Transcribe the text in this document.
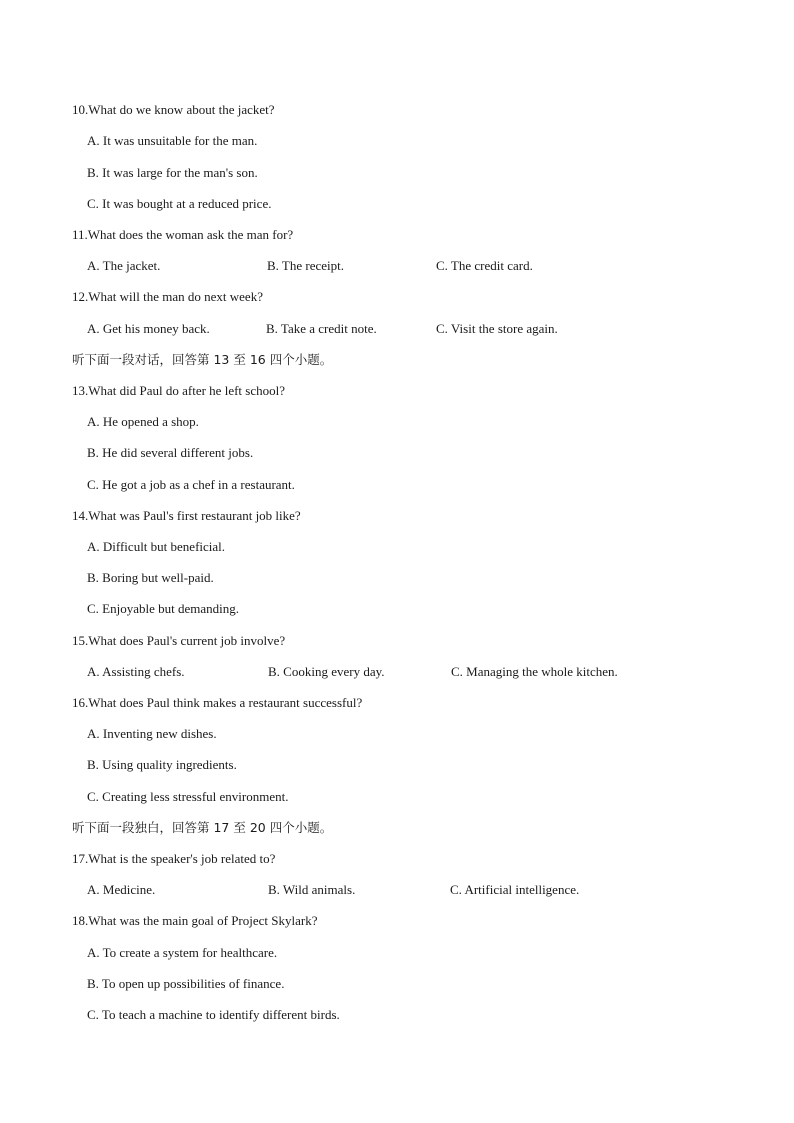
10.What do we know about the jacket?
A. It was unsuitable for the man.
B. It was large for the man's son.
C. It was bought at a reduced price.
11.What does the woman ask the man for?
A. The jacket.	B. The receipt.	C. The credit card.
12.What will the man do next week?
A. Get his money back.	B. Take a credit note.	C. Visit the store again.
听下面一段对话，回答第 13 至 16 四个小题。
13.What did Paul do after he left school?
A. He opened a shop.
B. He did several different jobs.
C. He got a job as a chef in a restaurant.
14.What was Paul's first restaurant job like?
A. Difficult but beneficial.
B. Boring but well-paid.
C. Enjoyable but demanding.
15.What does Paul's current job involve?
A. Assisting chefs.	B. Cooking every day.	C. Managing the whole kitchen.
16.What does Paul think makes a restaurant successful?
A. Inventing new dishes.
B. Using quality ingredients.
C. Creating less stressful environment.
听下面一段独白，回答第 17 至 20 四个小题。
17.What is the speaker's job related to?
A. Medicine.	B. Wild animals.	C. Artificial intelligence.
18.What was the main goal of Project Skylark?
A. To create a system for healthcare.
B. To open up possibilities of finance.
C. To teach a machine to identify different birds.
